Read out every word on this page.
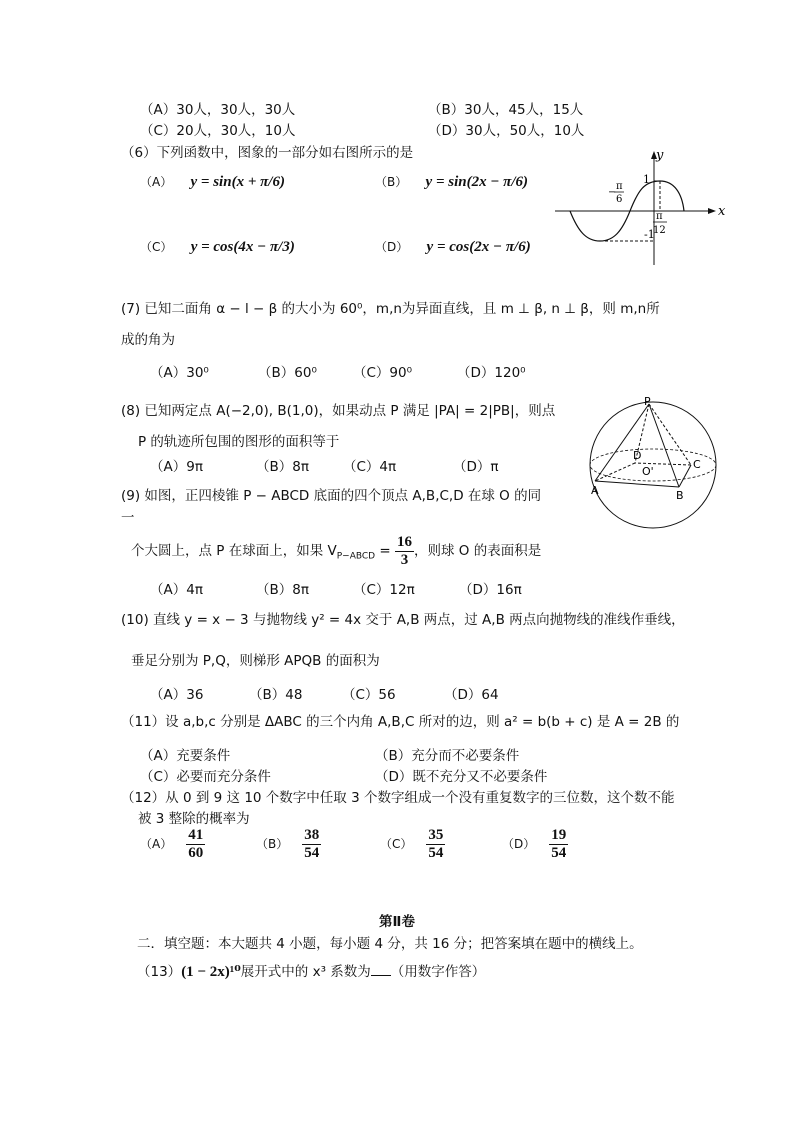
（A）30人，30人，30人	（B）30人，45人，15人
（C）20人，30人，10人	（D）30人，50人，10人
（6）下列函数中，图象的一部分如右图所示的是
（A） y = sin(x + π/6)	（B） y = sin(2x − π/6)
（C） y = cos(4x − π/3)	（D） y = cos(2x − π/6)
y
x
1
-1
−
π
6
π
12
(7) 已知二面角 α − l − β 的大小为 60⁰，m,n为异面直线，且 m ⊥ β, n ⊥ β，则 m,n所
成的角为
（A）30⁰	（B）60⁰	（C）90⁰	（D）120⁰
(8) 已知两定点 A(−2,0), B(1,0)，如果动点 P 满足 |PA| = 2|PB|，则点
P 的轨迹所包围的图形的面积等于
（A）9π	（B）8π	（C）4π	（D）π
P
D
O'
C
A	B
(9) 如图，正四棱锥 P − ABCD 底面的四个顶点 A,B,C,D 在球 O 的同
一
个大圆上，点 P 在球面上，如果 $V_{P-ABCD} = \frac{16}{3}$ ，则球 O 的表面积是
（A）4π	（B）8π	（C）12π	（D）16π
(10) 直线 y = x − 3 与抛物线 y² = 4x 交于 A,B 两点，过 A,B 两点向抛物线的准线作垂线，
垂足分别为 P,Q，则梯形 APQB 的面积为
（A）36	（B）48	（C）56	（D）64
（11）设 a,b,c 分别是 ΔABC 的三个内角 A,B,C 所对的边，则 a² = b(b + c) 是 A = 2B 的
（A）充要条件	（B）充分而不必要条件
（C）必要而充分条件	（D）既不充分又不必要条件
（12）从 0 到 9 这 10 个数字中任取 3 个数字组成一个没有重复数字的三位数，这个数不能
被 3 整除的概率为
$(A) \frac{41}{60}$	$(B) \frac{38}{54}$	$(C) \frac{35}{54}$	$(D) \frac{19}{54}$
第Ⅱ卷
二．填空题：本大题共 4 小题，每小题 4 分，共 16 分；把答案填在题中的横线上。
（13）(1 − 2x)¹⁰展开式中的 x³ 系数为 （用数字作答）
